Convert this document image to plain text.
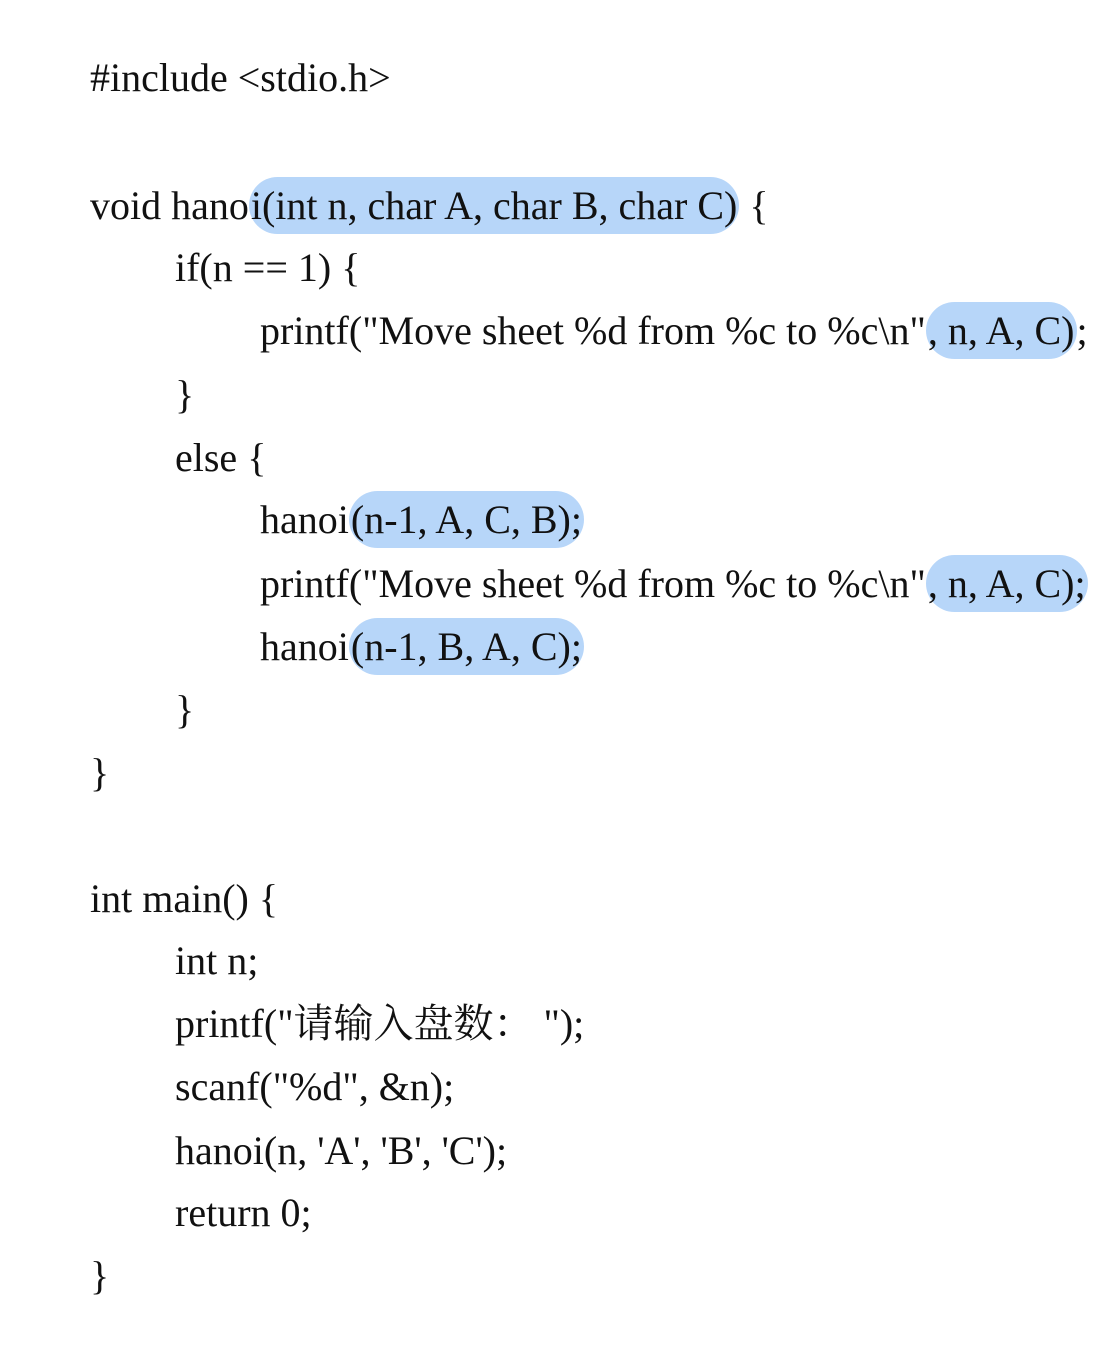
#include <stdio.h>

void hanoi(int n, char A, char B, char C) {

if(n == 1) {

printf("Move sheet %d from %c to %c\n", n, A, C);

}

else {

hanoi(n-1, A, C, B);

printf("Move sheet %d from %c to %c\n", n, A, C);

hanoi(n-1, B, A, C);

}

}

int main() {

int n;

printf("请输入盘数： ");

scanf("%d", &n);

hanoi(n, 'A', 'B', 'C');

return 0;

}
